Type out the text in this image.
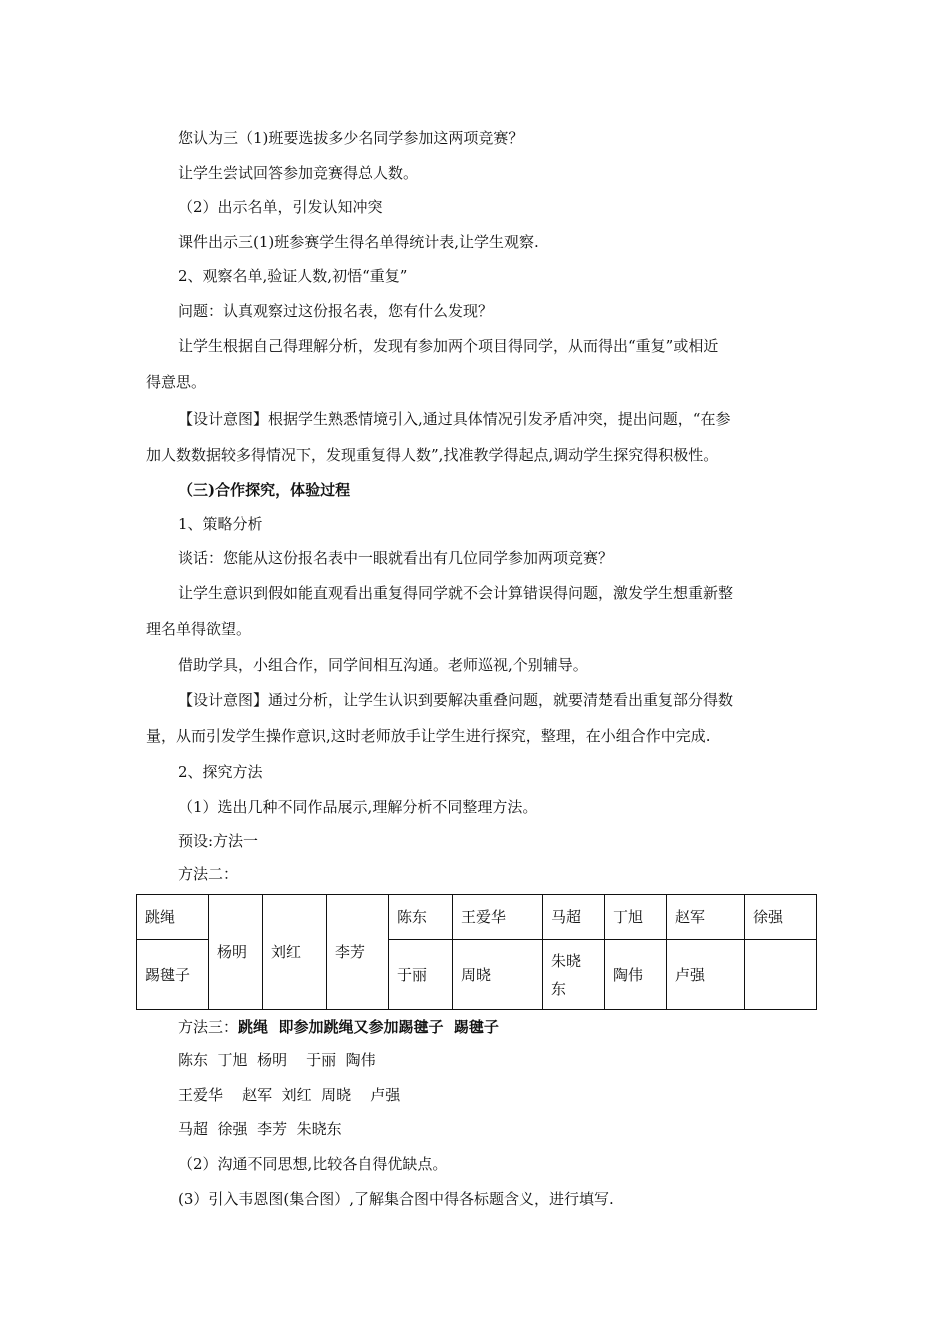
您认为三（1)班要选拔多少名同学参加这两项竞赛？
让学生尝试回答参加竞赛得总人数。
（2）出示名单，引发认知冲突
课件出示三(1)班参赛学生得名单得统计表,让学生观察.
2、观察名单,验证人数,初悟“重复”
问题：认真观察过这份报名表，您有什么发现？
让学生根据自己得理解分析，发现有参加两个项目得同学，从而得出“重复”或相近
得意思。
【设计意图】根据学生熟悉情境引入,通过具体情况引发矛盾冲突，提出问题，“在参
加人数数据较多得情况下，发现重复得人数”,找准教学得起点,调动学生探究得积极性。
（三)合作探究，体验过程
1、策略分析
谈话：您能从这份报名表中一眼就看出有几位同学参加两项竞赛？
让学生意识到假如能直观看出重复得同学就不会计算错误得问题，激发学生想重新整
理名单得欲望。
借助学具，小组合作，同学间相互沟通。老师巡视,个别辅导。
【设计意图】通过分析，让学生认识到要解决重叠问题，就要清楚看出重复部分得数
量，从而引发学生操作意识,这时老师放手让学生进行探究，整理，在小组合作中完成.
2、探究方法
（1）选出几种不同作品展示,理解分析不同整理方法。
预设:方法一
方法二：
跳绳	杨明	刘红	李芳	陈东	王爱华	马超	丁旭	赵军	徐强
踢毽子				于丽	周晓	朱晓东	陶伟	卢强	
方法三：跳绳  即参加跳绳又参加踢毽子  踢毽子
陈东  丁旭  杨明    于丽  陶伟
王爱华    赵军  刘红  周晓    卢强
马超  徐强  李芳  朱晓东
（2）沟通不同思想,比较各自得优缺点。
(3）引入韦恩图(集合图）,了解集合图中得各标题含义，进行填写.
